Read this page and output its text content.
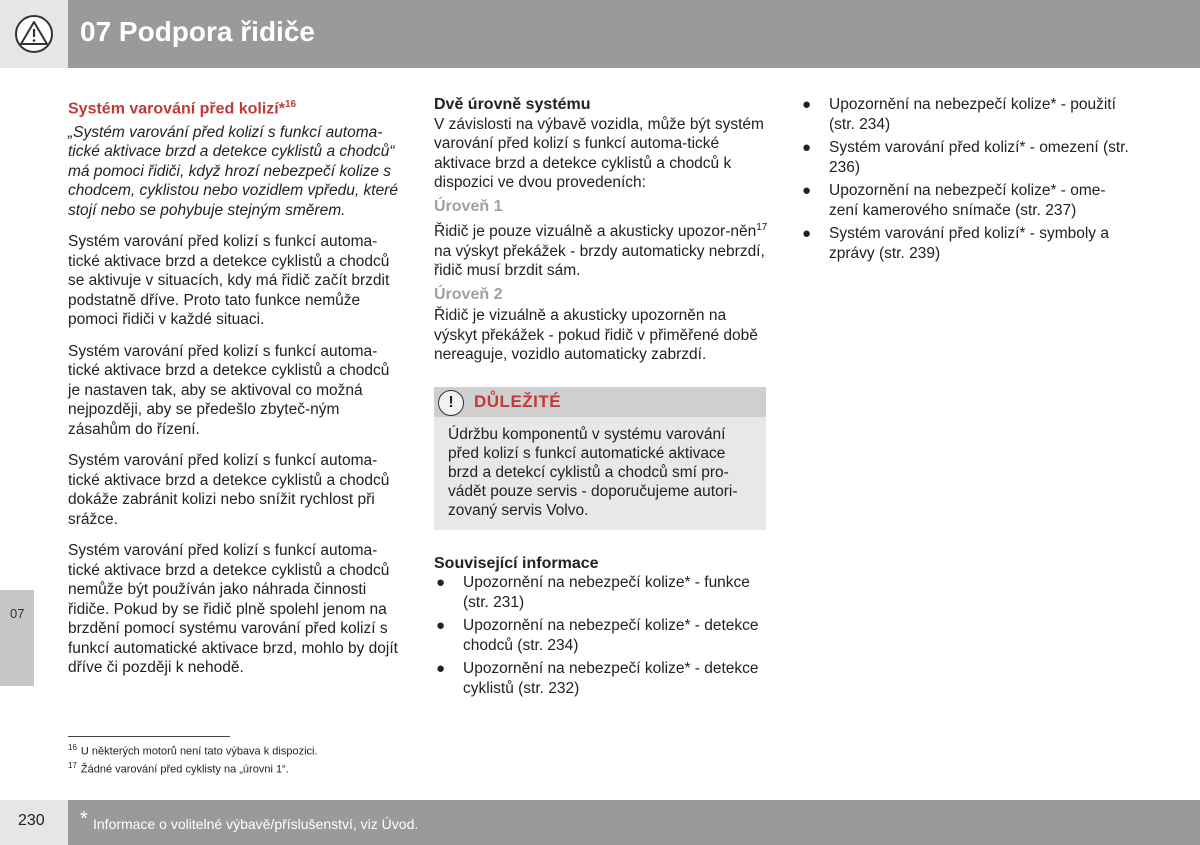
07 Podpora řidiče
07
Systém varování před kolizí*$^{16}$

„Systém varování před kolizí s funkcí automa-tické aktivace brzd a detekce cyklistů a chodců“ má pomoci řidiči, když hrozí nebezpečí kolize s chodcem, cyklistou nebo vozidlem vpředu, které stojí nebo se pohybuje stejným směrem.

Systém varování před kolizí s funkcí automa-tické aktivace brzd a detekce cyklistů a chodců se aktivuje v situacích, kdy má řidič začít brzdit podstatně dříve. Proto tato funkce nemůže pomoci řidiči v každé situaci.

Systém varování před kolizí s funkcí automa-tické aktivace brzd a detekce cyklistů a chodců je nastaven tak, aby se aktivoval co možná nejpozději, aby se předešlo zbyteč-ným zásahům do řízení.

Systém varování před kolizí s funkcí automa-tické aktivace brzd a detekce cyklistů a chodců dokáže zabránit kolizi nebo snížit rychlost při srážce.

Systém varování před kolizí s funkcí automa-tické aktivace brzd a detekce cyklistů a chodců nemůže být používán jako náhrada činnosti řidiče. Pokud by se řidič plně spolehl jenom na brzdění pomocí systému varování před kolizí s funkcí automatické aktivace brzd, mohlo by dojít dříve či později k nehodě.

Dvě úrovně systému

V závislosti na výbavě vozidla, může být systém varování před kolizí s funkcí automa-tické aktivace brzd a detekce cyklistů a chodců k dispozici ve dvou provedeních:

Úroveň 1

Řidič je pouze vizuálně a akusticky upozor-něn$^{17}$ na výskyt překážek - brzdy automaticky nebrzdí, řidič musí brzdit sám.

Úroveň 2

Řidič je vizuálně a akusticky upozorněn na výskyt překážek - pokud řidič v přiměřené době nereaguje, vozidlo automaticky zabrzdí.

!	DŮLEŽITÉ
Údržbu komponentů v systému varování před kolizí s funkcí automatické aktivace brzd a detekcí cyklistů a chodců smí pro-vádět pouze servis - doporučujeme autori-zovaný servis Volvo.
Související informace
● Upozornění na nebezpečí kolize* - funkce (str. 231)
● Upozornění na nebezpečí kolize* - detekce chodců (str. 234)
● Upozornění na nebezpečí kolize* - detekce cyklistů (str. 232)
● Upozornění na nebezpečí kolize* - použití (str. 234)
● Systém varování před kolizí* - omezení (str. 236)
● Upozornění na nebezpečí kolize* - ome-zení kamerového snímače (str. 237)
● Systém varování před kolizí* - symboly a zprávy (str. 239)
$^{16}$ U některých motorů není tato výbava k dispozici.
$^{17}$ Žádné varování před cyklisty na „úrovni 1“.
230 * Informace o volitelné výbavě/příslušenství, viz Úvod.
